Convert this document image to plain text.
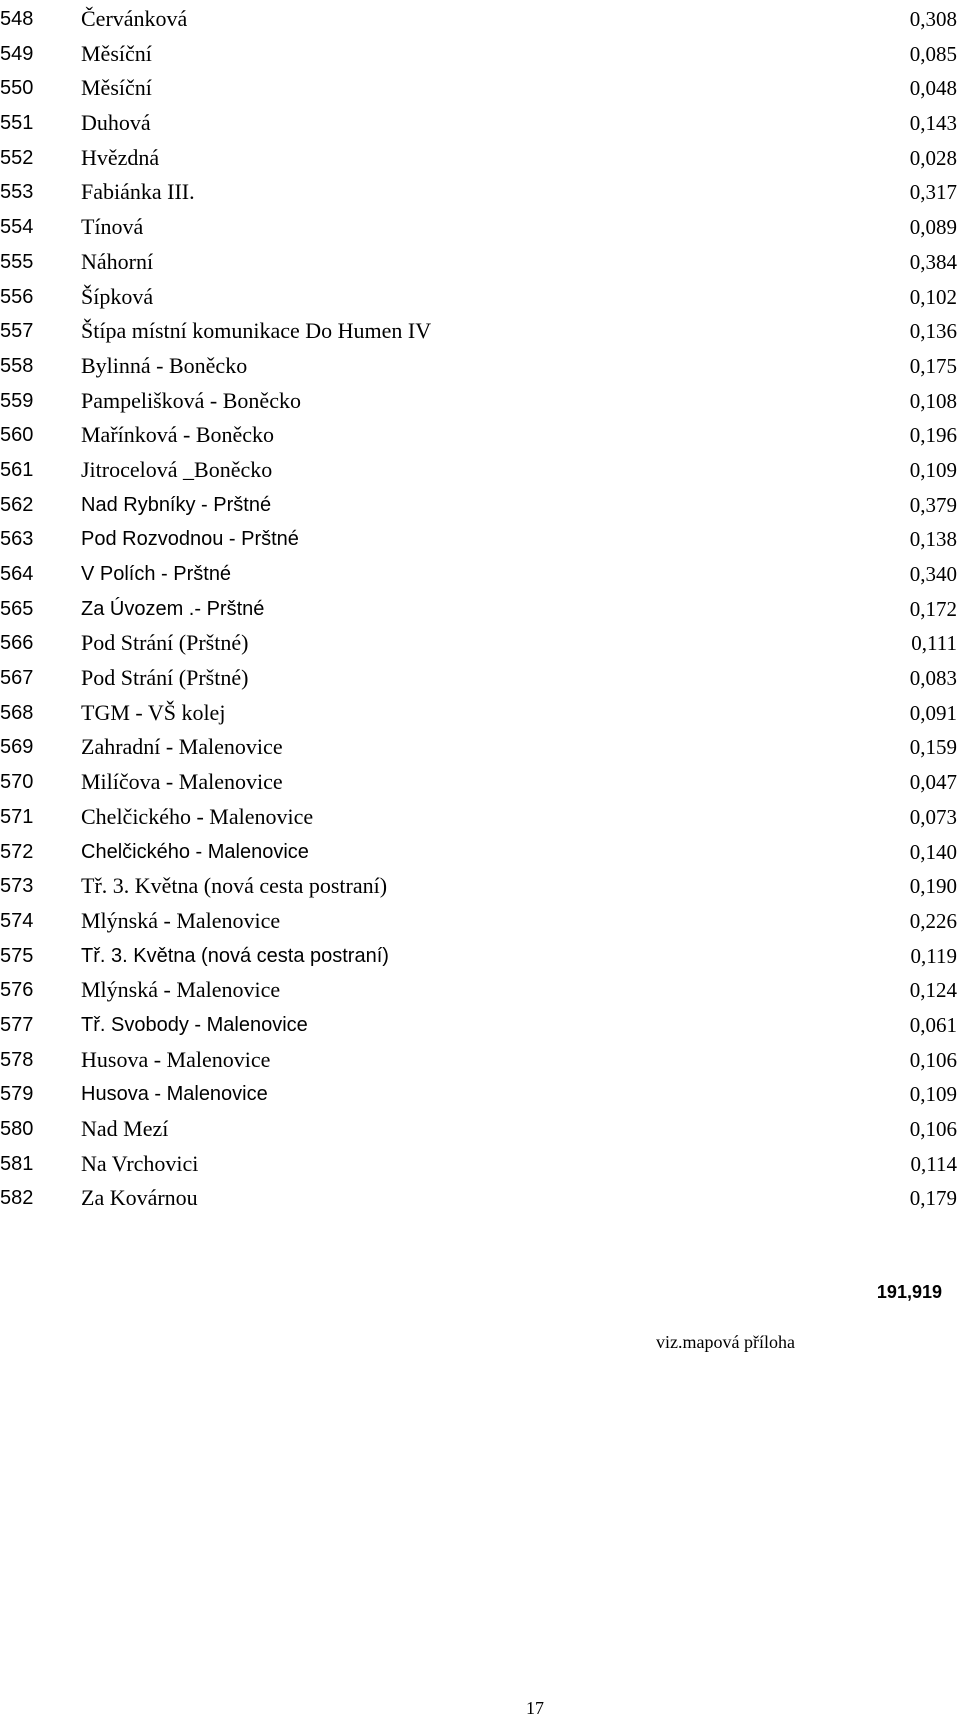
548 Červánková	0,308
549 Měsíční	0,085
550 Měsíční	0,048
551 Duhová	0,143
552 Hvězdná	0,028
553 Fabiánka III.	0,317
554 Tínová	0,089
555 Náhorní	0,384
556 Šípková	0,102
557 Štípa místní komunikace Do Humen IV	0,136
558 Bylinná - Boněcko	0,175
559 Pampelišková - Boněcko	0,108
560 Mařínková - Boněcko	0,196
561 Jitrocelová _Boněcko	0,109
562 Nad Rybníky - Prštné	0,379
563 Pod Rozvodnou - Prštné	0,138
564 V Polích - Prštné	0,340
565 Za Úvozem .- Prštné	0,172
566 Pod Strání (Prštné)	0,111
567 Pod Strání (Prštné)	0,083
568 TGM - VŠ kolej	0,091
569 Zahradní - Malenovice	0,159
570 Milíčova - Malenovice	0,047
571 Chelčického - Malenovice	0,073
572 Chelčického - Malenovice	0,140
573 Tř. 3. Května (nová cesta postraní)	0,190
574 Mlýnská - Malenovice	0,226
575 Tř. 3. Května (nová cesta postraní)	0,119
576 Mlýnská - Malenovice	0,124
577 Tř. Svobody - Malenovice	0,061
578 Husova - Malenovice	0,106
579 Husova - Malenovice	0,109
580 Nad Mezí	0,106
581 Na Vrchovici	0,114
582 Za Kovárnou	0,179
191,919
viz.mapová příloha
17
